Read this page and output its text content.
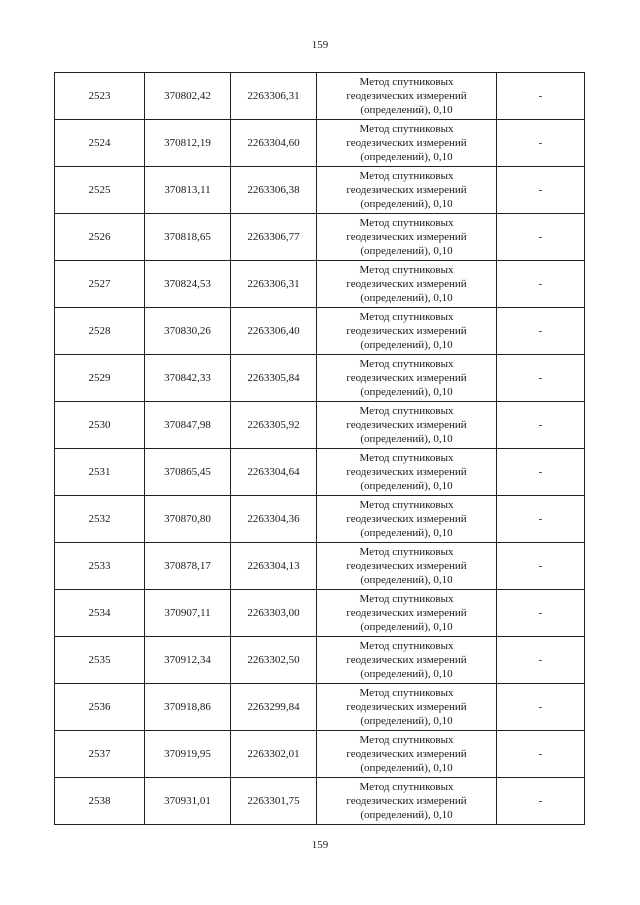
159
2523	370802,42	2263306,31	Метод спутниковых
геодезических измерений
(определений), 0,10	-
2524	370812,19	2263304,60	Метод спутниковых
геодезических измерений
(определений), 0,10	-
2525	370813,11	2263306,38	Метод спутниковых
геодезических измерений
(определений), 0,10	-
2526	370818,65	2263306,77	Метод спутниковых
геодезических измерений
(определений), 0,10	-
2527	370824,53	2263306,31	Метод спутниковых
геодезических измерений
(определений), 0,10	-
2528	370830,26	2263306,40	Метод спутниковых
геодезических измерений
(определений), 0,10	-
2529	370842,33	2263305,84	Метод спутниковых
геодезических измерений
(определений), 0,10	-
2530	370847,98	2263305,92	Метод спутниковых
геодезических измерений
(определений), 0,10	-
2531	370865,45	2263304,64	Метод спутниковых
геодезических измерений
(определений), 0,10	-
2532	370870,80	2263304,36	Метод спутниковых
геодезических измерений
(определений), 0,10	-
2533	370878,17	2263304,13	Метод спутниковых
геодезических измерений
(определений), 0,10	-
2534	370907,11	2263303,00	Метод спутниковых
геодезических измерений
(определений), 0,10	-
2535	370912,34	2263302,50	Метод спутниковых
геодезических измерений
(определений), 0,10	-
2536	370918,86	2263299,84	Метод спутниковых
геодезических измерений
(определений), 0,10	-
2537	370919,95	2263302,01	Метод спутниковых
геодезических измерений
(определений), 0,10	-
2538	370931,01	2263301,75	Метод спутниковых
геодезических измерений
(определений), 0,10	-
159
